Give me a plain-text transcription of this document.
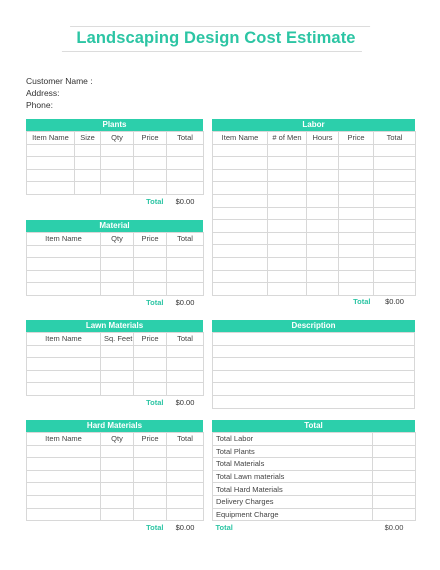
Landscaping Design Cost Estimate
Customer Name :
Address:
Phone:
Plants
Item Name	Size	Qty	Price	Total

			Total	$0.00
Material
Item Name	Qty	Price	Total

		Total	$0.00
Lawn Materials
Item Name	Sq. Feet	Price	Total

		Total	$0.00
Hard Materials
Item Name	Qty	Price	Total

		Total	$0.00
Labor
Item Name	# of Men	Hours	Price	Total

			Total	$0.00
Description

Total
Total Labor	
Total Plants	
Total Materials	
Total Lawn materials	
Total Hard Materials	
Delivery Charges	
Equipment Charge	
Total	$0.00
